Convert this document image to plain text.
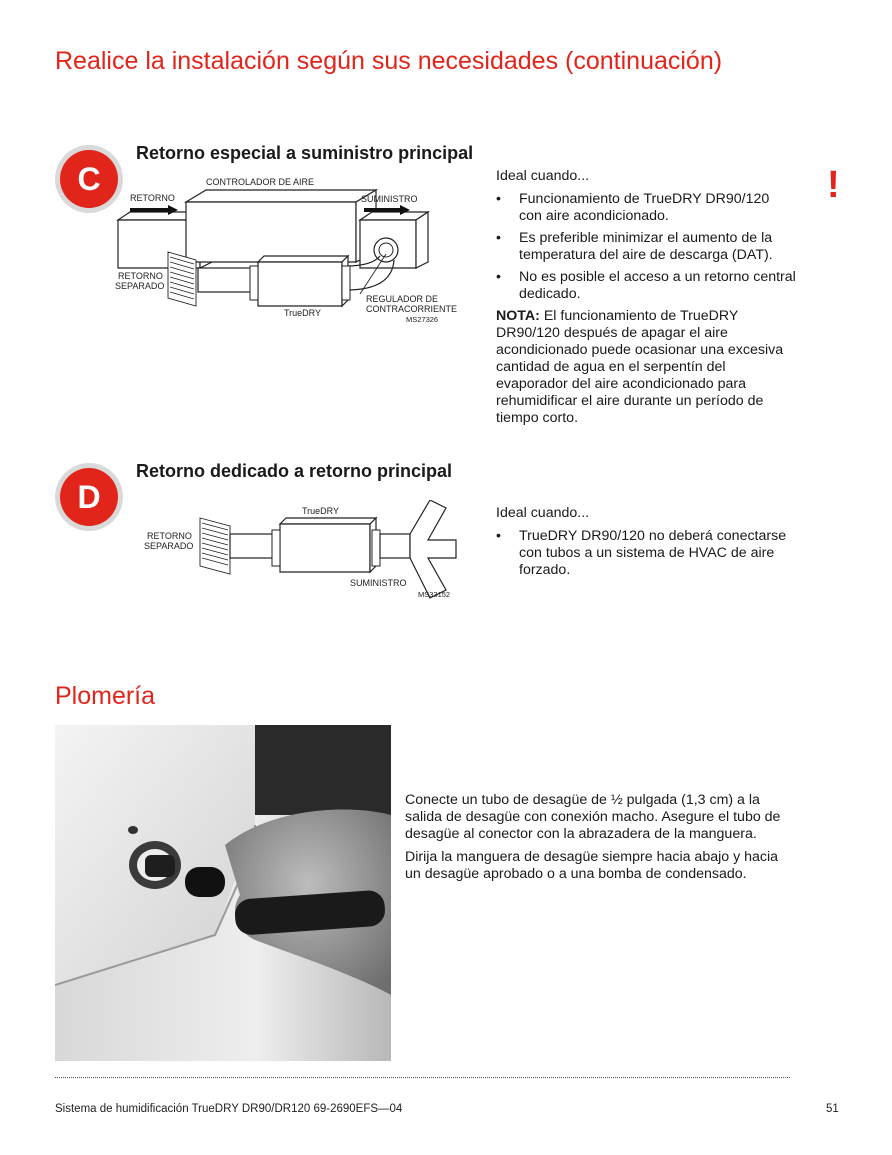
Realice la instalación según sus necesidades (continuación)
C
Retorno especial a suministro principal
CONTROLADOR DE AIRE
RETORNO	SUMINISTRO
RETORNO
SEPARADO
TrueDRY
REGULADOR DE
CONTRACORRIENTE
MS27326
Ideal cuando...
• Funcionamiento de TrueDRY DR90/120 con aire acondicionado.
• Es preferible minimizar el aumento de la temperatura del aire de descarga (DAT).
• No es posible el acceso a un retorno central dedicado.
NOTA: El funcionamiento de TrueDRY DR90/120 después de apagar el aire acondicionado puede ocasionar una excesiva cantidad de agua en el serpentín del evaporador del aire acondicionado para rehumidificar el aire durante un período de tiempo corto.
!
D
Retorno dedicado a retorno principal
TrueDRY
RETORNO
SEPARADO
SUMINISTRO
MS33152
Ideal cuando...
• TrueDRY DR90/120 no deberá conectarse con tubos a un sistema de HVAC de aire forzado.
Plomería

Conecte un tubo de desagüe de ½ pulgada (1,3 cm) a la salida de desagüe con conexión macho. Asegure el tubo de desagüe al conector con la abrazadera de la manguera.

Dirija la manguera de desagüe siempre hacia abajo y hacia un desagüe aprobado o a una bomba de condensado.

Sistema de humidificación TrueDRY DR90/DR120 69-2690EFS—04	51
